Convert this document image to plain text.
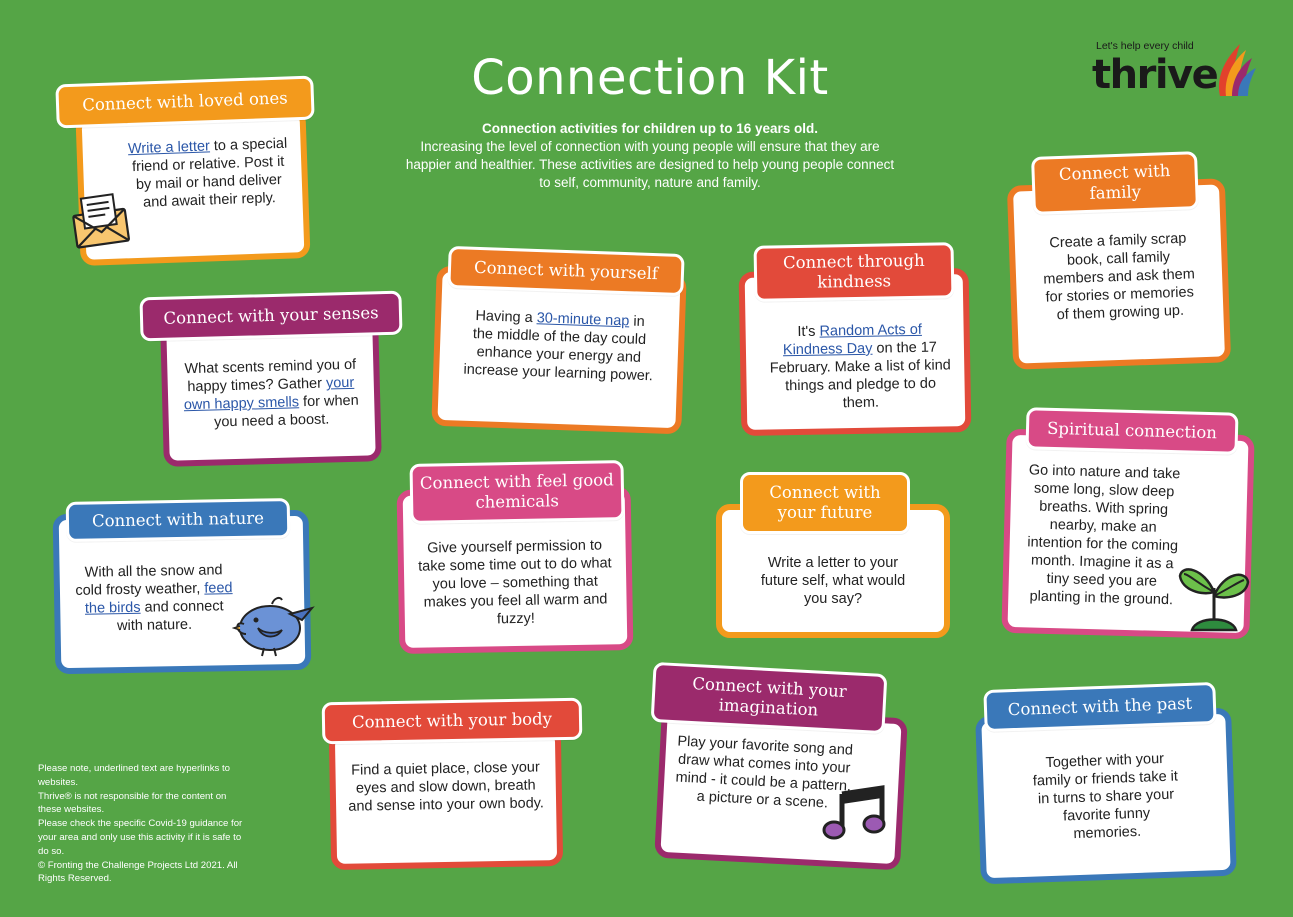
Connection Kit
Connection activities for children up to 16 years old.
Increasing the level of connection with young people will ensure that they are happier and healthier. These activities are designed to help young people connect to self, community, nature and family.
Let's help every child
thrive
Write a letter to a special friend or relative. Post it by mail or hand deliver and await their reply.
Connect with loved ones
What scents remind you of happy times? Gather your own happy smells for when you need a boost.
Connect with your senses
With all the snow and cold frosty weather, feed the birds and connect with nature.
Connect with nature
Having a 30-minute nap in the middle of the day could enhance your energy and increase your learning power.
Connect with yourself
Give yourself permission to take some time out to do what you love – something that makes you feel all warm and fuzzy!
Connect with feel good chemicals
Find a quiet place, close your eyes and slow down, breath and sense into your own body.
Connect with your body
It's Random Acts of Kindness Day on the 17 February. Make a list of kind things and pledge to do them.
Connect through kindness
Write a letter to your future self, what would you say?
Connect with your future
Play your favorite song and draw what comes into your mind - it could be a pattern, a picture or a scene.
Connect with your imagination
Create a family scrap book, call family members and ask them for stories or memories of them growing up.
Connect with family
Go into nature and take some long, slow deep breaths. With spring nearby, make an intention for the coming month. Imagine it as a tiny seed you are planting in the ground.
Spiritual connection
Together with your family or friends take it in turns to share your favorite funny memories.
Connect with the past
Please note, underlined text are hyperlinks to websites.
Thrive® is not responsible for the content on these websites.
Please check the specific Covid-19 guidance for your area and only use this activity if it is safe to do so.
© Fronting the Challenge Projects Ltd 2021. All Rights Reserved.
